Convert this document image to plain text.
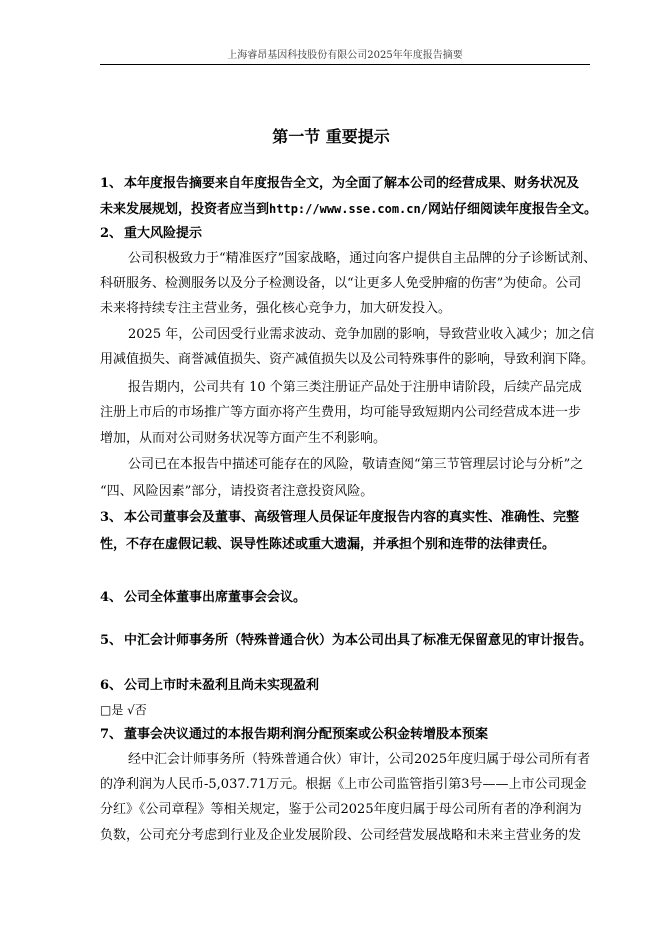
上海睿昂基因科技股份有限公司2025年年度报告摘要
第一节 重要提示
1、 本年度报告摘要来自年度报告全文，为全面了解本公司的经营成果、财务状况及
未来发展规划，投资者应当到http://www.sse.com.cn/网站仔细阅读年度报告全文。
2、 重大风险提示
公司积极致力于“精准医疗”国家战略，通过向客户提供自主品牌的分子诊断试剂、
科研服务、检测服务以及分子检测设备，以“让更多人免受肿瘤的伤害”为使命。公司
未来将持续专注主营业务，强化核心竞争力，加大研发投入。
2025 年，公司因受行业需求波动、竞争加剧的影响，导致营业收入减少；加之信
用减值损失、商誉减值损失、资产减值损失以及公司特殊事件的影响，导致利润下降。
报告期内，公司共有 10 个第三类注册证产品处于注册申请阶段，后续产品完成
注册上市后的市场推广等方面亦将产生费用，均可能导致短期内公司经营成本进一步
增加，从而对公司财务状况等方面产生不利影响。
公司已在本报告中描述可能存在的风险，敬请查阅“第三节管理层讨论与分析”之
“四、风险因素”部分，请投资者注意投资风险。
3、 本公司董事会及董事、高级管理人员保证年度报告内容的真实性、准确性、完整
性，不存在虚假记载、误导性陈述或重大遗漏，并承担个别和连带的法律责任。
4、 公司全体董事出席董事会会议。
5、 中汇会计师事务所（特殊普通合伙）为本公司出具了标准无保留意见的审计报告。
6、 公司上市时未盈利且尚未实现盈利
□是 √否
7、 董事会决议通过的本报告期利润分配预案或公积金转增股本预案
经中汇会计师事务所（特殊普通合伙）审计，公司2025年度归属于母公司所有者
的净利润为人民币-5,037.71万元。根据《上市公司监管指引第3号——上市公司现金
分红》《公司章程》等相关规定，鉴于公司2025年度归属于母公司所有者的净利润为
负数，公司充分考虑到行业及企业发展阶段、公司经营发展战略和未来主营业务的发
